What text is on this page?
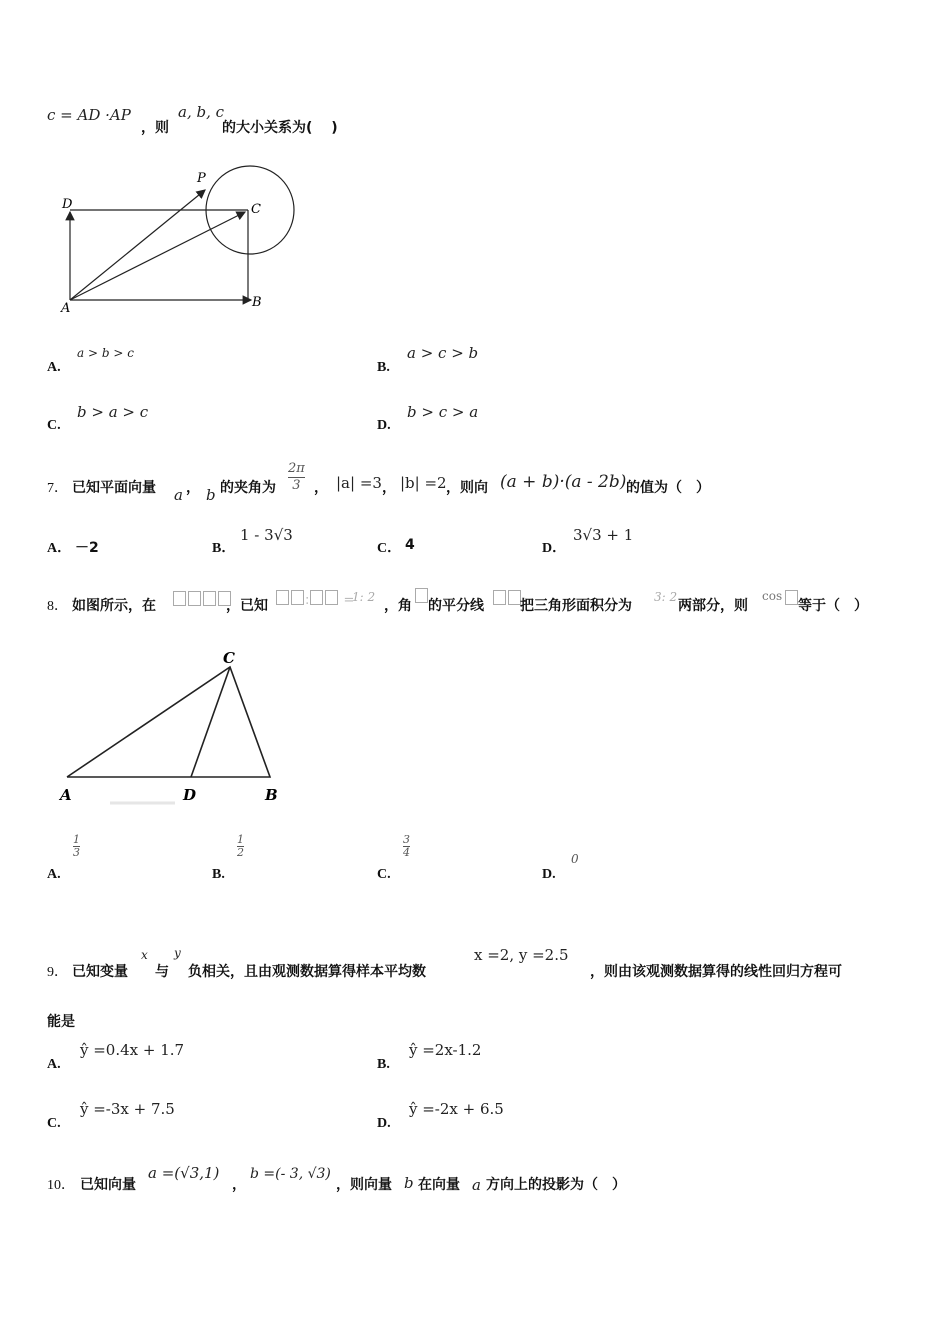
c = AD ·AP
，则
a, b, c
的大小关系为(　 )
P
D	C
A	B
A.
a > b > c
B.
a > c > b
C.
b > a > c
D.
b > c > a
7． 已知平面向量 a ， b 的夹角为 $\frac{2\pi}{3}$ ， |a| =3 ， |b| =2 ，则向 (a + b)·(a - 2b) 的值为（　）
A． －2	B．
1 - 3√3
C． 4	D．
3√3 + 1
8． 如图所示，在	，已知	:	=
1: 2
，角 的平分线	把三角形面积分为
3: 2
两部分，则
cos
等于（　）
C
A	D	B
A.
$\frac{1}{3}$
B.
$\frac{1}{2}$
C.
$\frac{3}{4}$
D.
0
9． 已知变量
x
与
y
负相关，且由观测数据算得样本平均数
x =2, y =2.5
，则由该观测数据算得的线性回归方程可
能是
A.
ŷ =0.4x + 1.7
B.
ŷ =2x-1.2
C.
ŷ =-3x + 7.5
D.
ŷ =-2x + 6.5
10． 已知向量
a =(√3,1)
，
b =(- 3, √3)
，则向量 b 在向量 a 方向上的投影为（　）
